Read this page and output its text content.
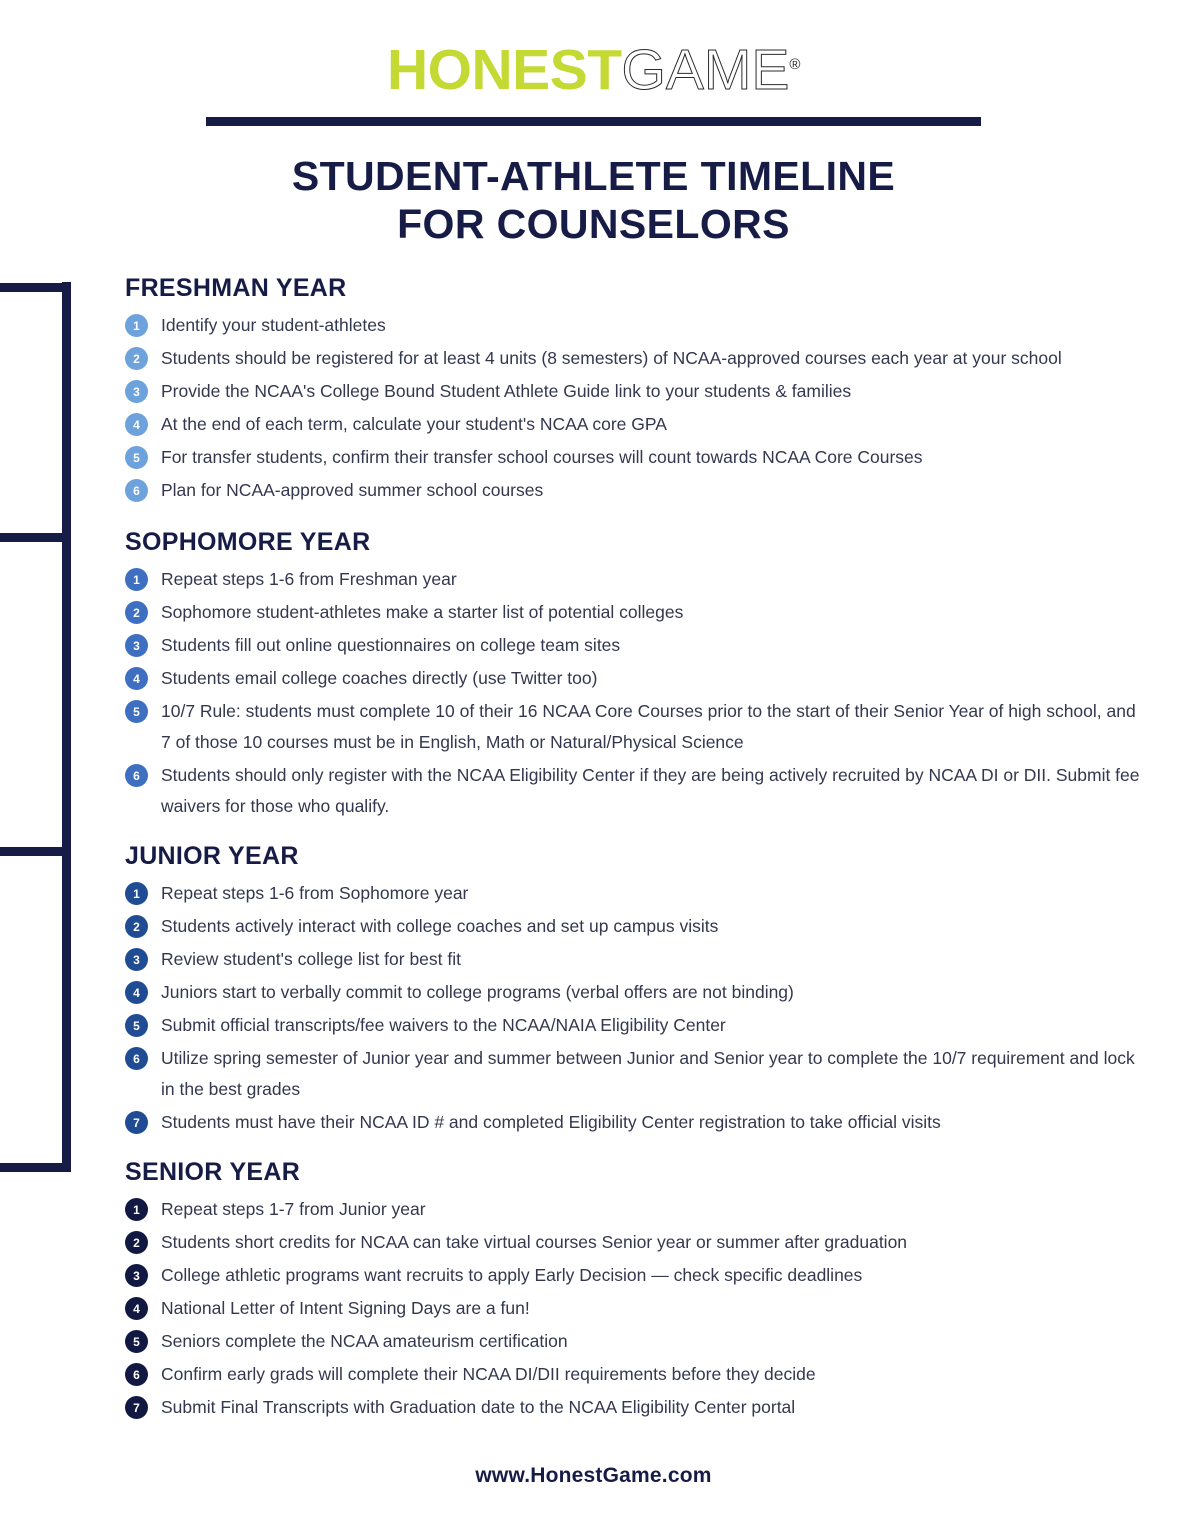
HONESTGAME®
STUDENT-ATHLETE TIMELINE
FOR COUNSELORS
FRESHMAN YEAR
1	Identify your student-athletes
2	Students should be registered for at least 4 units (8 semesters) of NCAA-approved courses each year at your school
3	Provide the NCAA's College Bound Student Athlete Guide link to your students & families
4	At the end of each term, calculate your student's NCAA core GPA
5	For transfer students, confirm their transfer school courses will count towards NCAA Core Courses
6	Plan for NCAA-approved summer school courses
SOPHOMORE YEAR
1	Repeat steps 1-6 from Freshman year
2	Sophomore student-athletes make a starter list of potential colleges
3	Students fill out online questionnaires on college team sites
4	Students email college coaches directly (use Twitter too)
5	10/7 Rule: students must complete 10 of their 16 NCAA Core Courses prior to the start of their Senior Year of high school, and 7 of those 10 courses must be in English, Math or Natural/Physical Science
6	Students should only register with the NCAA Eligibility Center if they are being actively recruited by NCAA DI or DII. Submit fee waivers for those who qualify.
JUNIOR YEAR
1	Repeat steps 1-6 from Sophomore year
2	Students actively interact with college coaches and set up campus visits
3	Review student's college list for best fit
4	Juniors start to verbally commit to college programs (verbal offers are not binding)
5	Submit official transcripts/fee waivers to the NCAA/NAIA Eligibility Center
6	Utilize spring semester of Junior year and summer between Junior and Senior year to complete the 10/7 requirement and lock in the best grades
7	Students must have their NCAA ID # and completed Eligibility Center registration to take official visits
SENIOR YEAR
1	Repeat steps 1-7 from Junior year
2	Students short credits for NCAA can take virtual courses Senior year or summer after graduation
3	College athletic programs want recruits to apply Early Decision — check specific deadlines
4	National Letter of Intent Signing Days are a fun!
5	Seniors complete the NCAA amateurism certification
6	Confirm early grads will complete their NCAA DI/DII requirements before they decide
7	Submit Final Transcripts with Graduation date to the NCAA Eligibility Center portal
www.HonestGame.com
